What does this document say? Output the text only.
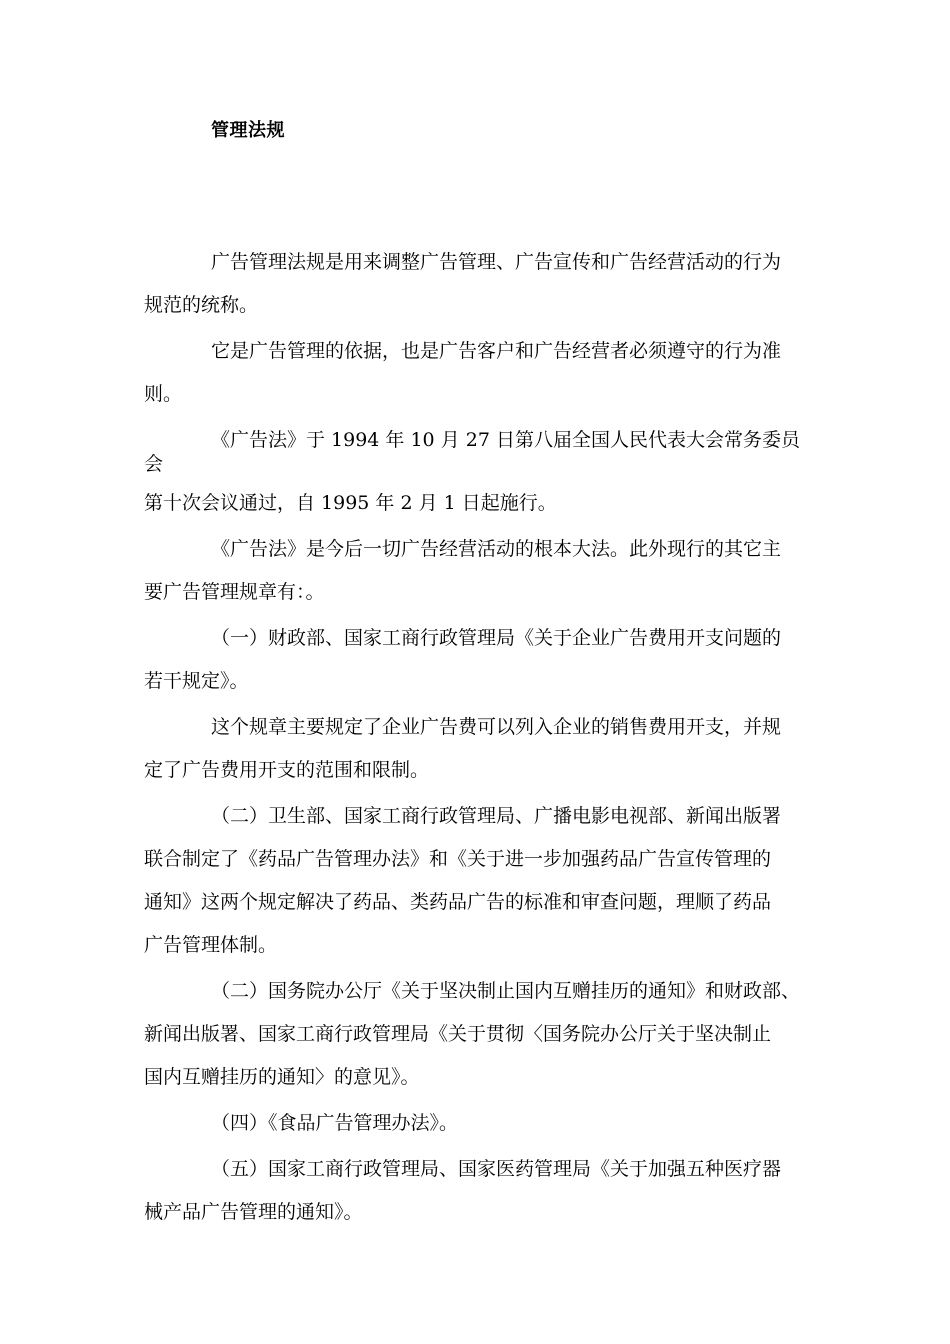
管理法规
广告管理法规是用来调整广告管理、广告宣传和广告经营活动的行为
规范的统称。
它是广告管理的依据，也是广告客户和广告经营者必须遵守的行为准
则。
《广告法》于 1994 年 10 月 27 日第八届全国人民代表大会常务委员
会
第十次会议通过，自 1995 年 2 月 1 日起施行。
《广告法》是今后一切广告经营活动的根本大法。此外现行的其它主
要广告管理规章有：。
（一）财政部、国家工商行政管理局《关于企业广告费用开支问题的
若干规定》。
这个规章主要规定了企业广告费可以列入企业的销售费用开支，并规
定了广告费用开支的范围和限制。
（二）卫生部、国家工商行政管理局、广播电影电视部、新闻出版署
联合制定了《药品广告管理办法》和《关于进一步加强药品广告宣传管理的
通知》这两个规定解决了药品、类药品广告的标准和审查问题，理顺了药品
广告管理体制。
（二）国务院办公厅《关于坚决制止国内互赠挂历的通知》和财政部、
新闻出版署、国家工商行政管理局《关于贯彻〈国务院办公厅关于坚决制止
国内互赠挂历的通知〉的意见》。
（四）《食品广告管理办法》。
（五）国家工商行政管理局、国家医药管理局《关于加强五种医疗器
械产品广告管理的通知》。
